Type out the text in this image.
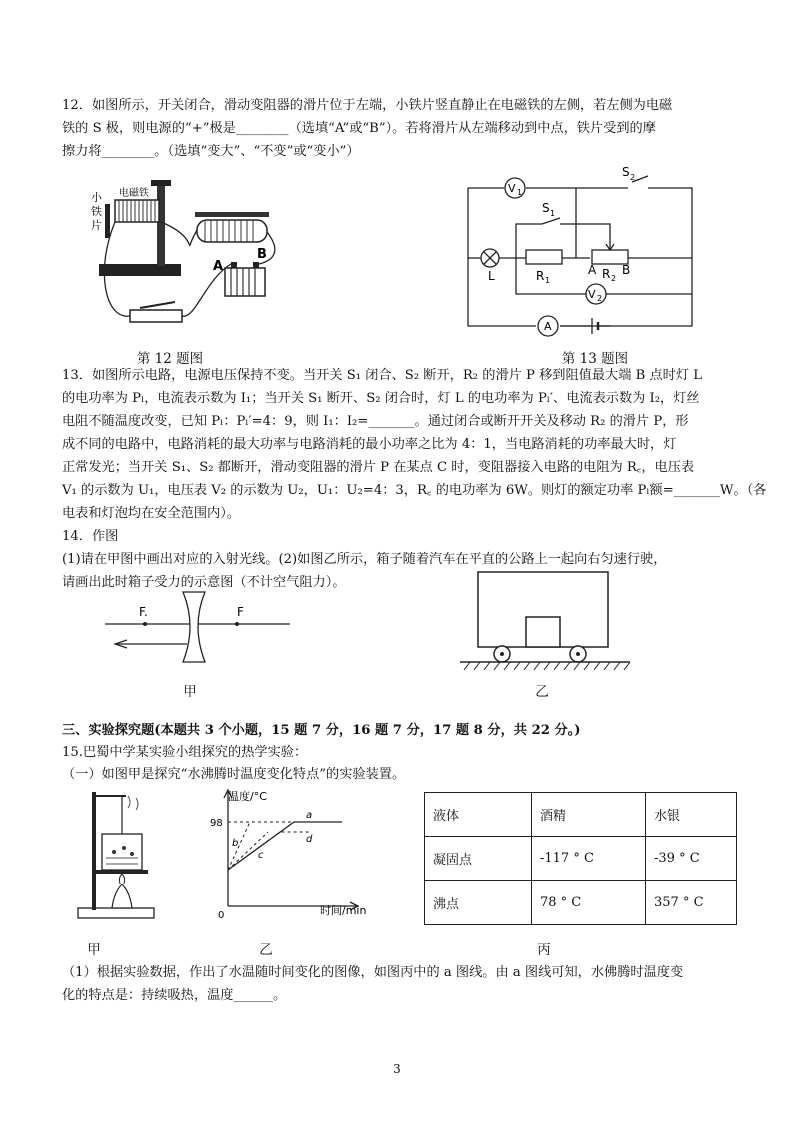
12．如图所示，开关闭合，滑动变阻器的滑片位于左端，小铁片竖直静止在电磁铁的左侧，若左侧为电磁
铁的 S 极，则电源的“+”极是________（选填“A”或“B”）。若将滑片从左端移动到中点，铁片受到的摩
擦力将________。（选填“变大”、“不变”或“变小”）
小
铁
片
电磁铁
A
B
第 12 题图
V 1
V 2
A
S 2
S 1
L	R 1
A R 2
B
第 13 题图
13．如图所示电路，电源电压保持不变。当开关 S₁ 闭合、S₂ 断开，R₂ 的滑片 P 移到阻值最大端 B 点时灯 L
的电功率为 Pₗ，电流表示数为 I₁；当开关 S₁ 断开、S₂ 闭合时，灯 L 的电功率为 Pₗ′、电流表示数为 I₂，灯丝
电阻不随温度改变，已知 Pₗ：Pₗ′=4：9，则 I₁：I₂=_______。通过闭合或断开开关及移动 R₂ 的滑片 P，形
成不同的电路中，电路消耗的最大功率与电路消耗的最小功率之比为 4：1，当电路消耗的功率最大时，灯
正常发光；当开关 S₁、S₂ 都断开，滑动变阻器的滑片 P 在某点 C 时，变阻器接入电路的电阻为 R꜀，电压表
V₁ 的示数为 U₁，电压表 V₂ 的示数为 U₂，U₁：U₂=4：3，R꜀ 的电功率为 6W。则灯的额定功率 Pₗ额=_______W。（各
电表和灯泡均在安全范围内）。
14．作图
(1)请在甲图中画出对应的入射光线。(2)如图乙所示，箱子随着汽车在平直的公路上一起向右匀速行驶，
请画出此时箱子受力的示意图（不计空气阻力）。
F.	F
甲	乙
三、实验探究题(本题共 3 个小题，15 题 7 分，16 题 7 分，17 题 8 分，共 22 分。)
15.巴蜀中学某实验小组探究的热学实验：
（一）如图甲是探究“水沸腾时温度变化特点”的实验装置。
甲
温度/°C
98
0	时间/min
a
b
c
d
乙
液体	酒精	水银
凝固点	-117 ° C	-39 ° C
沸点	78 ° C	357 ° C
丙
（1）根据实验数据，作出了水温随时间变化的图像，如图丙中的 a 图线。由 a 图线可知，水佛腾时温度变
化的特点是：持续吸热，温度______。
3
